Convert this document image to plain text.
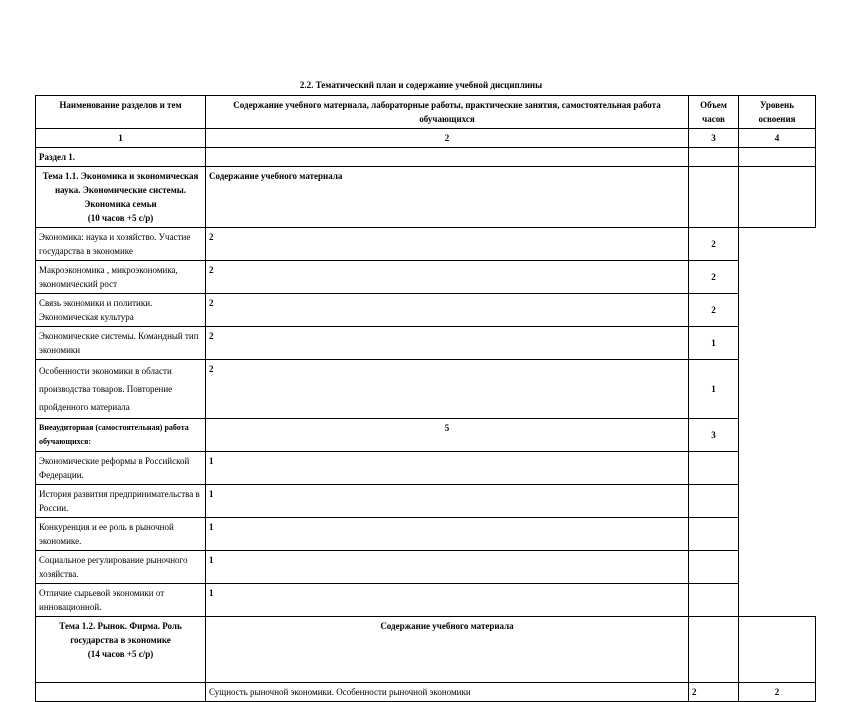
2.2. Тематический план и содержание учебной дисциплины
Наименование разделов и тем	Содержание учебного материала, лабораторные работы, практические занятия, самостоятельная работа обучающихся	Объем часов	Уровень освоения
1	2	3	4
Раздел 1.			

Тема 1.1. Экономика и экономическая наука. Экономические системы. Экономика семьи
(10 часов +5 с/р)	Содержание учебного материала		
Экономика: наука и хозяйство. Участие государства в экономике	2	2	
Макроэкономика , микроэкономика, экономический рост	2	2	
Связь экономики и политики. Экономическая культура	2	2	
Экономические системы. Командный тип экономики	2	1	
Особенности экономики в области производства товаров. Повторение пройденного материала	2	1	
Внеаудиторная (самостоятельная) работа обучающихся:	5	3	
Экономические реформы в Российской Федерации.	1		
История развития предпринимательства в России.	1		
Конкуренция и ее роль в рыночной экономике.	1		
Социальное регулирование рыночного хозяйства.	1		
Отличие сырьевой экономики от инновационной.	1		

Тема 1.2. Рынок. Фирма. Роль государства в экономике
(14 часов +5 с/р)	Содержание учебного материала		
	Сущность рыночной экономики. Особенности рыночной экономики	2	2
